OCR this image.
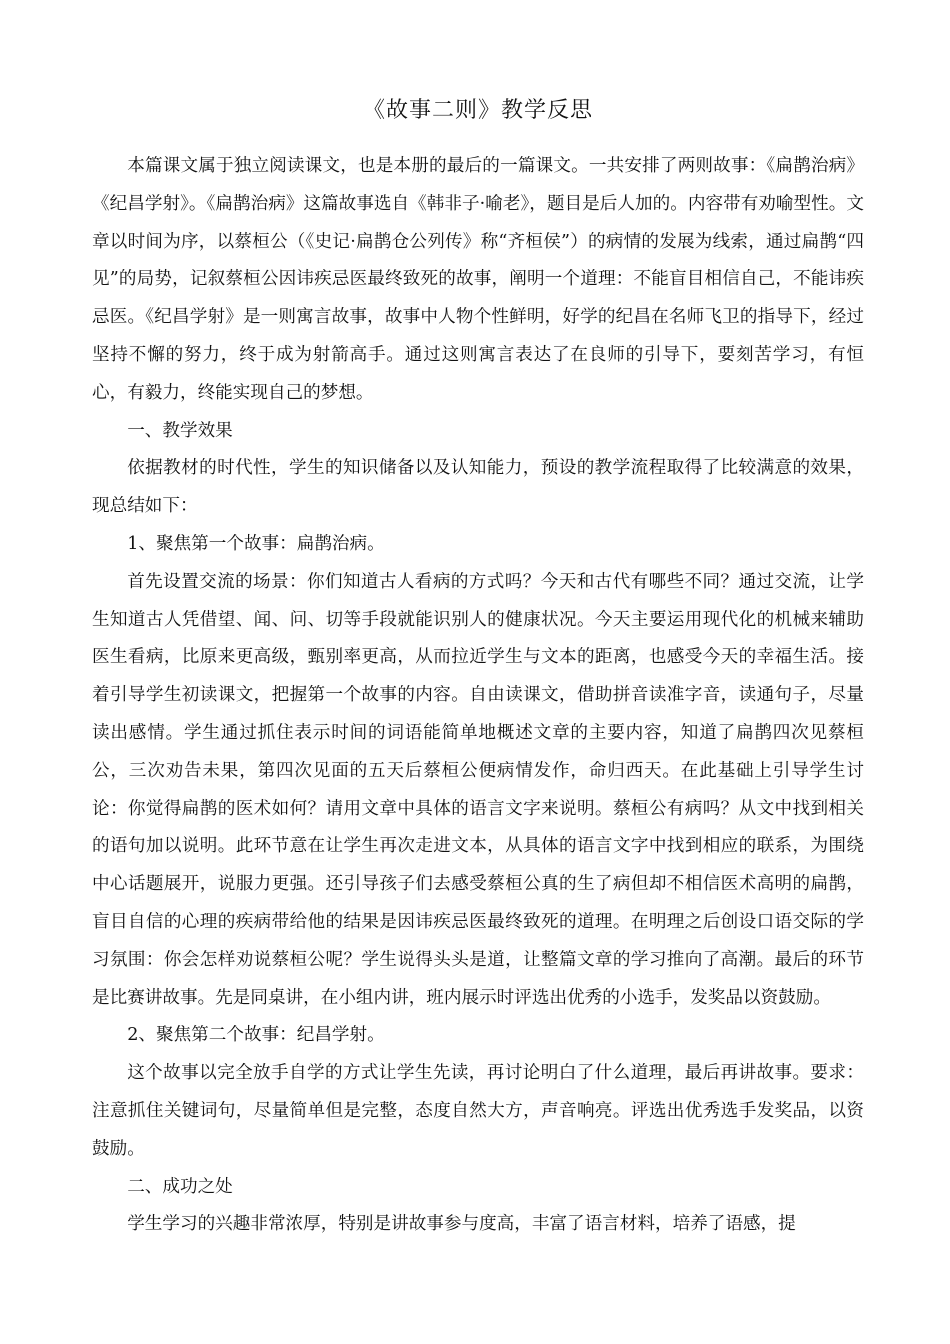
《故事二则》教学反思

本篇课文属于独立阅读课文，也是本册的最后的一篇课文。一共安排了两则故事：《扁鹊治病》《纪昌学射》。《扁鹊治病》这篇故事选自《韩非子·喻老》，题目是后人加的。内容带有劝喻型性。文章以时间为序，以蔡桓公（《史记·扁鹊仓公列传》称“齐桓侯”）的病情的发展为线索，通过扁鹊“四见”的局势，记叙蔡桓公因讳疾忌医最终致死的故事，阐明一个道理：不能盲目相信自己，不能讳疾忌医。《纪昌学射》是一则寓言故事，故事中人物个性鲜明，好学的纪昌在名师飞卫的指导下，经过坚持不懈的努力，终于成为射箭高手。通过这则寓言表达了在良师的引导下，要刻苦学习，有恒心，有毅力，终能实现自己的梦想。

一、教学效果

依据教材的时代性，学生的知识储备以及认知能力，预设的教学流程取得了比较满意的效果，现总结如下：

1、聚焦第一个故事：扁鹊治病。

首先设置交流的场景：你们知道古人看病的方式吗？今天和古代有哪些不同？通过交流，让学生知道古人凭借望、闻、问、切等手段就能识别人的健康状况。今天主要运用现代化的机械来辅助医生看病，比原来更高级，甄别率更高，从而拉近学生与文本的距离，也感受今天的幸福生活。接着引导学生初读课文，把握第一个故事的内容。自由读课文，借助拼音读准字音，读通句子，尽量读出感情。学生通过抓住表示时间的词语能简单地概述文章的主要内容，知道了扁鹊四次见蔡桓公，三次劝告未果，第四次见面的五天后蔡桓公便病情发作，命归西天。在此基础上引导学生讨论：你觉得扁鹊的医术如何？请用文章中具体的语言文字来说明。蔡桓公有病吗？从文中找到相关的语句加以说明。此环节意在让学生再次走进文本，从具体的语言文字中找到相应的联系，为围绕中心话题展开，说服力更强。还引导孩子们去感受蔡桓公真的生了病但却不相信医术高明的扁鹊，盲目自信的心理的疾病带给他的结果是因讳疾忌医最终致死的道理。在明理之后创设口语交际的学习氛围：你会怎样劝说蔡桓公呢？学生说得头头是道，让整篇文章的学习推向了高潮。最后的环节是比赛讲故事。先是同桌讲，在小组内讲，班内展示时评选出优秀的小选手，发奖品以资鼓励。

2、聚焦第二个故事：纪昌学射。

这个故事以完全放手自学的方式让学生先读，再讨论明白了什么道理，最后再讲故事。要求：注意抓住关键词句，尽量简单但是完整，态度自然大方，声音响亮。评选出优秀选手发奖品，以资鼓励。

二、成功之处

学生学习的兴趣非常浓厚，特别是讲故事参与度高，丰富了语言材料，培养了语感，提
